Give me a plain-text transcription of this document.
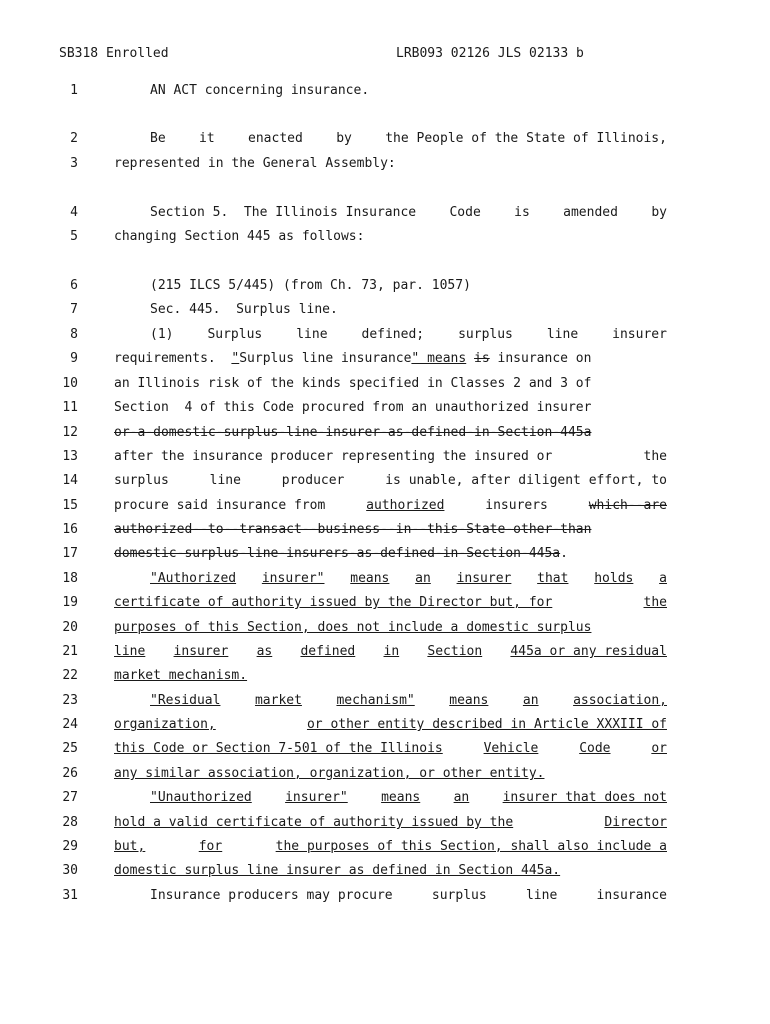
SB318 Enrolled	LRB093 02126 JLS 02133 b
1	AN ACT concerning insurance.
2	Be	it	enacted	by	the People of the State of Illinois,
3	represented in the General Assembly:
4	Section 5.  The Illinois Insurance	Code	is	amended	by
5	changing Section 445 as follows:
6	(215 ILCS 5/445) (from Ch. 73, par. 1057)
7	Sec. 445.  Surplus line.
8	(1)	Surplus	line	defined;	surplus	line	insurer
9	requirements.  "Surplus line insurance" means is insurance on
10	an Illinois risk of the kinds specified in Classes 2 and 3 of
11	Section  4 of this Code procured from an unauthorized insurer
12	or-a-domestic-surplus-line-insurer-as-defined-in-Section-445a
13	after the insurance producer representing the insured or	the
14	surplus	line	producer	is unable, after diligent effort, to
15	procure said insurance from	authorized	insurers	which--are
16	authorized--to--transact--business--in--this-State-other-than
17	domestic-surplus-line-insurers-as-defined-in-Section-445a.
18	"Authorized insurer" means an insurer that holds a
19	certificate of authority issued by the Director but, for	the
20	purposes of this Section, does not include a domestic surplus
21	line insurer as defined in Section 445a or any residual
22	market mechanism.
23	"Residual	market	mechanism"	means	an	association,
24	organization,	or other entity described in Article XXXIII of
25	this Code or Section 7-501 of the Illinois	Vehicle	Code	or
26	any similar association, organization, or other entity.
27	"Unauthorized	insurer"	means	an	insurer that does not
28	hold a valid certificate of authority issued by the	Director
29	but,	for	the purposes of this Section, shall also include a
30	domestic surplus line insurer as defined in Section 445a.
31	Insurance producers may procure	surplus	line	insurance
